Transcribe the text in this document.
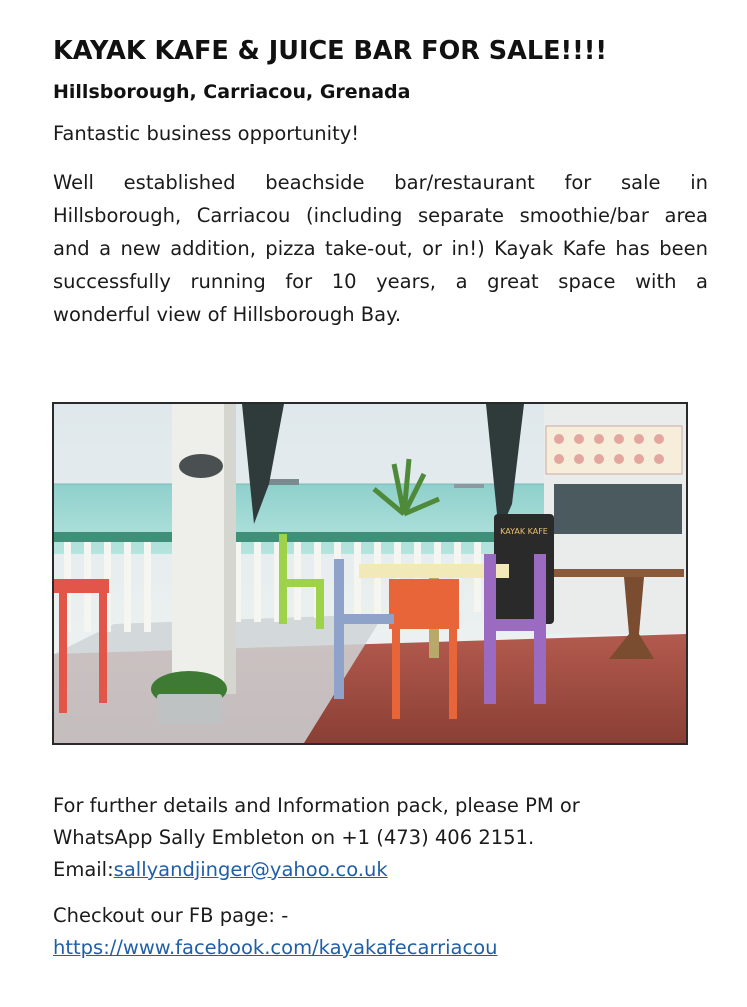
KAYAK KAFE & JUICE BAR FOR SALE!!!!
Hillsborough, Carriacou, Grenada
Fantastic business opportunity!
Well established beachside bar/restaurant for sale in
Hillsborough, Carriacou (including separate smoothie/bar area
and a new addition, pizza take-out, or in!) Kayak Kafe has been
successfully running for 10 years, a great space with a
wonderful view of Hillsborough Bay.
For further details and Information pack, please PM or
WhatsApp Sally Embleton on +1 (473) 406 2151.
Email:sallyandjinger@yahoo.co.uk
Checkout our FB page: -
https://www.facebook.com/kayakafecarriacou
KAYAK KAFE
